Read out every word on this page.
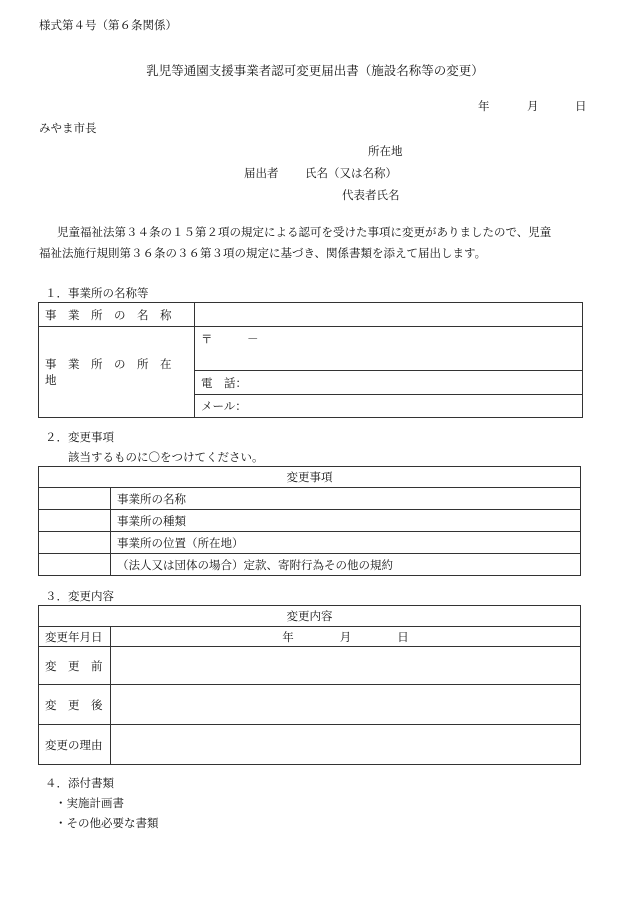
様式第４号（第６条関係）
乳児等通園支援事業者認可変更届出書（施設名称等の変更）
年	月	日
みやま市長
所在地
届出者 氏名（又は名称）
代表者氏名
児童福祉法第３４条の１５第２項の規定による認可を受けた事項に変更がありましたので、児童
福祉法施行規則第３６条の３６第３項の規定に基づき、関係書類を添えて届出します。
１．事業所の名称等
事　業　所　の　名　称	
事　業　所　の　所　在　地	〒　　　－
	電　話：
	メール：
２．変更事項
該当するものに〇をつけてください。
変更事項	
	事業所の名称
	事業所の種類
	事業所の位置（所在地）
	（法人又は団体の場合）定款、寄附行為その他の規約
３．変更内容
変更内容	
変更年月日	年　　　　月　　　　日
変　更　前	
変　更　後	
変更の理由	
４．添付書類
・実施計画書
・その他必要な書類
